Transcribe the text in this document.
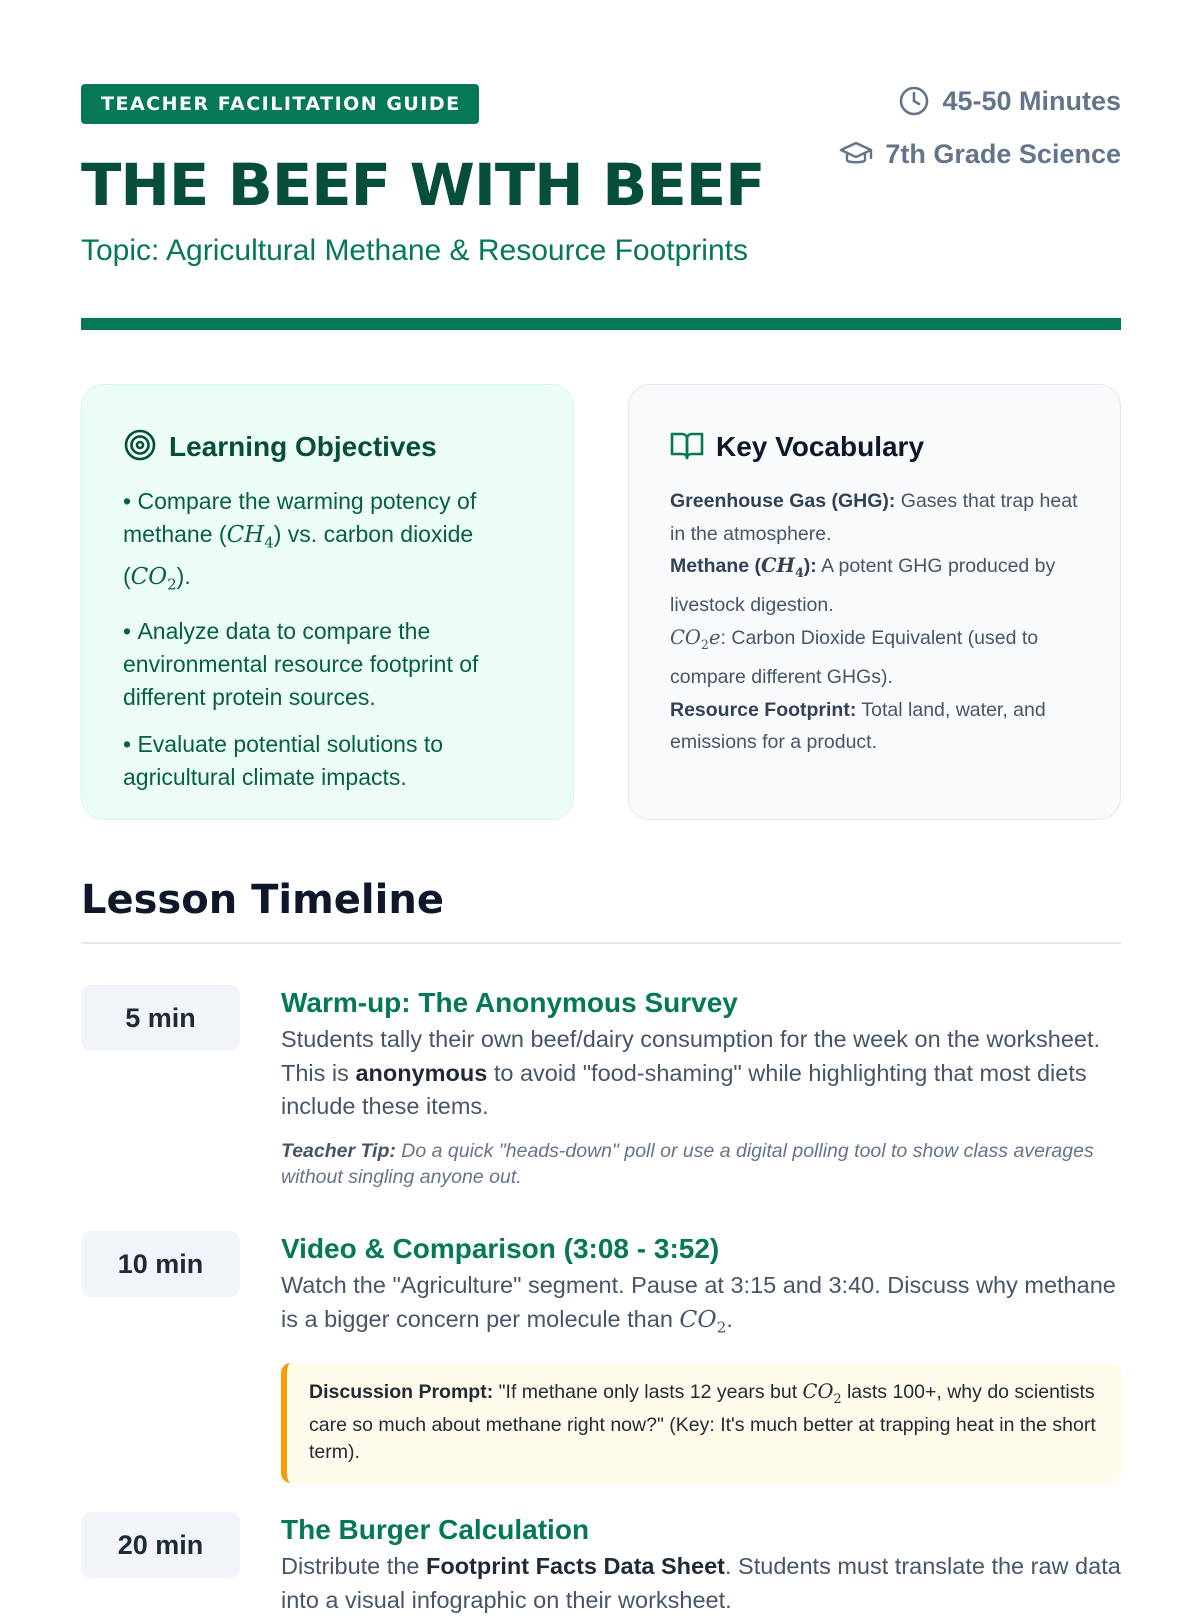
TEACHER FACILITATION GUIDE
THE BEEF WITH BEEF
Topic: Agricultural Methane & Resource Footprints
45-50 Minutes
7th Grade Science
Learning Objectives
• Compare the warming potency of methane $(CH_4)$ vs. carbon dioxide $(CO_2)$.
• Analyze data to compare the environmental resource footprint of different protein sources.
• Evaluate potential solutions to agricultural climate impacts.
Key Vocabulary
Greenhouse Gas (GHG): Gases that trap heat in the atmosphere.
Methane $(CH_4)$: A potent GHG produced by livestock digestion.
$CO_2e$: Carbon Dioxide Equivalent (used to compare different GHGs).
Resource Footprint: Total land, water, and emissions for a product.
Lesson Timeline
5 min	Warm-up: The Anonymous Survey

Students tally their own beef/dairy consumption for the week on the worksheet. This is anonymous to avoid "food-shaming" while highlighting that most diets include these items.

Teacher Tip: Do a quick "heads-down" poll or use a digital polling tool to show class averages without singling anyone out.
10 min	Video & Comparison (3:08 - 3:52)

Watch the "Agriculture" segment. Pause at 3:15 and 3:40. Discuss why methane is a bigger concern per molecule than $CO_2$.

Discussion Prompt: "If methane only lasts 12 years but $CO_2$ lasts 100+, why do scientists care so much about methane right now?" (Key: It's much better at trapping heat in the short term).
20 min	The Burger Calculation

Distribute the Footprint Facts Data Sheet. Students must translate the raw data into a visual infographic on their worksheet.
